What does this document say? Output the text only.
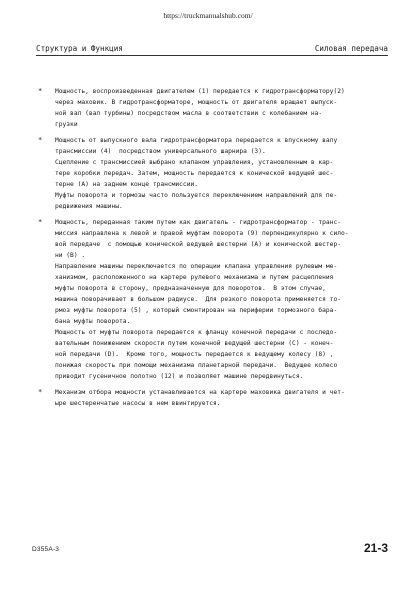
https://truckmanualshub.com/
Структура и Функция	Силовая передача
* Мощность, воспроизведенная двигателем (1) передается к гидротрансформатору(2)
через маховик. В гидротрансформаторе, мощность от двигателя вращает выпуск-
ной вал (вал турбины) посредством масла в соответствии с колебанием на-
грузки
* Мощность от выпускного вала гидротрансформатора передается к впускному валу
трансмиссии (4)  посредством универсального шарнира (3).
Сцепление с трансмиссией выбрано клапаном управления, установленным в кар-
тере коробки передач. Затем, мощность передается к конической ведущей шес-
терне (A) на заднем конце трансмиссии.
Муфты поворота и тормозы часто пользуется переключением направлений для пе-
редвижения машины.
* Мощность, переданная таким путем как двигатель - гидротрансформатор - транс-
миссия направлена к левой и правой муфтам поворота (9) перпендикулярно к сило-
вой передаче  с помощью конической ведущей шестерни (A) и конической шестер-
ни (B) .
Направление машины переключается по операции клапана управления рулевым ме-
ханизмом, расположенного на картере рулевого механизма и путем расцепления
муфты поворота в сторону, предназначенную для поворотов.  В этом случае,
машина поворачивает в большом радиусе.  Для резкого поворота применяется то-
рмоз муфты поворота (5) , который смонтирован на периферии тормозного бара-
бана муфты поворота.
Мощность от муфты поворота передается к фланцу конечной передачи с последо-
вательным понижением скорости путем конечной ведущей шестерни (C) - конеч-
ной передачи (D).  Кроме того, мощность передается к ведущему колесу (8) ,
понижая скорость при помощи механизма планетарной передачи.  Ведущее колесо
приводит гусеничное полотно (12) и позволяет машине передвинуться.
* Механизм отбора мощности устанавливается на картере маховика двигателя и чет-
ыре шестеренчатые насосы в нем ввинтируется.
D355A-3	21-3
